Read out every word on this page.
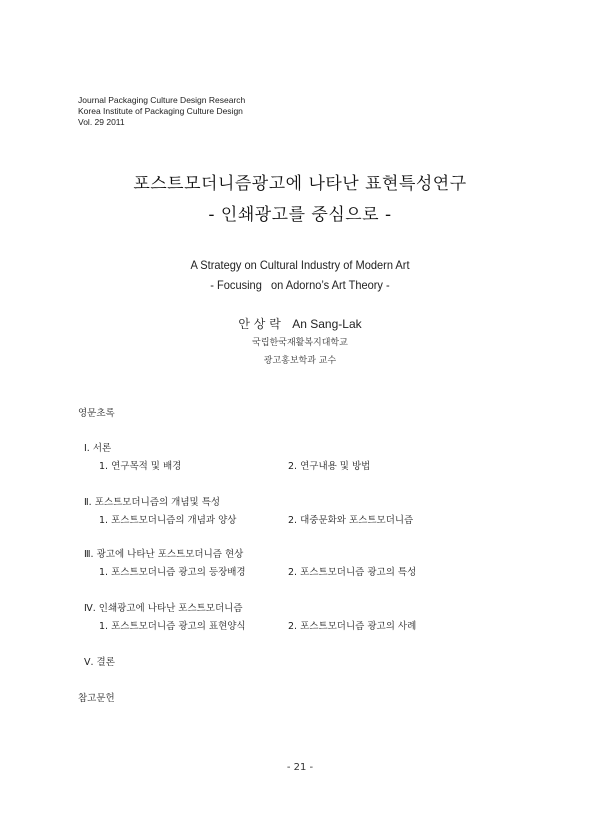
Journal Packaging Culture Design Research
Korea Institute of Packaging Culture Design
Vol. 29 2011
포스트모더니즘광고에 나타난 표현특성연구
- 인쇄광고를 중심으로 -
A Strategy on Cultural Industry of Modern Art
- Focusing   on Adorno’s Art Theory -
안 상 락 An Sang-Lak
국립한국재활복지대학교
광고홍보학과 교수
영문초록
Ⅰ. 서론
1. 연구목적 및 배경	2. 연구내용 및 방법
Ⅱ. 포스트모더니즘의 개념및 특성
1. 포스트모더니즘의 개념과 양상	2. 대중문화와 포스트모더니즘
Ⅲ. 광고에 나타난 포스트모더니즘 현상
1. 포스트모더니즘 광고의 등장배경	2. 포스트모더니즘 광고의 특성
Ⅳ. 인쇄광고에 나타난 포스트모더니즘
1. 포스트모더니즘 광고의 표현양식	2. 포스트모더니즘 광고의 사례
Ⅴ. 결론
참고문헌
- 21 -
